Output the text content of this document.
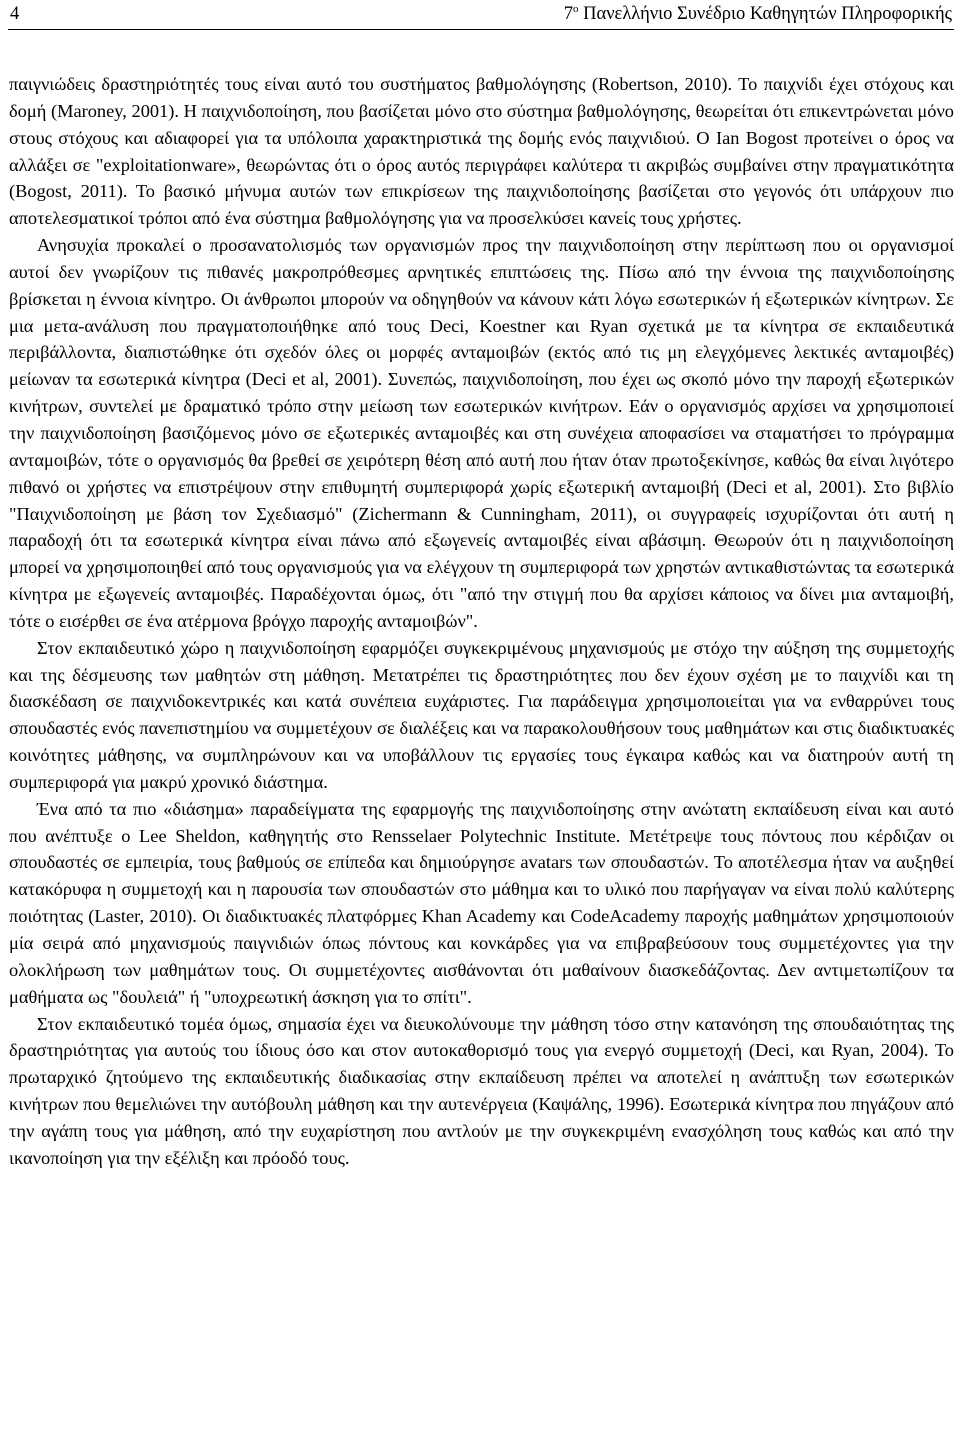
4	$7^o$ Πανελλήνιο Συνέδριο Καθηγητών Πληροφορικής

παιγνιώδεις δραστηριότητές τους είναι αυτό του συστήματος βαθμολόγησης (Robertson, 2010). Το παιχνίδι έχει στόχους και δομή (Maroney, 2001). Η παιχνιδοποίηση, που βασίζεται μόνο στο σύστημα βαθμολόγησης, θεωρείται ότι επικεντρώνεται μόνο στους στόχους και αδιαφορεί για τα υπόλοιπα χαρακτηριστικά της δομής ενός παιχνιδιού. Ο Ian Bogost προτείνει ο όρος να αλλάξει σε "exploitationware», θεωρώντας ότι ο όρος αυτός περιγράφει καλύτερα τι ακριβώς συμβαίνει στην πραγματικότητα (Bogost, 2011). Το βασικό μήνυμα αυτών των επικρίσεων της παιχνιδοποίησης βασίζεται στο γεγονός ότι υπάρχουν πιο αποτελεσματικοί τρόποι από ένα σύστημα βαθμολόγησης για να προσελκύσει κανείς τους χρήστες.

Ανησυχία προκαλεί ο προσανατολισμός των οργανισμών προς την παιχνιδοποίηση στην περίπτωση που οι οργανισμοί αυτοί δεν γνωρίζουν τις πιθανές μακροπρόθεσμες αρνητικές επιπτώσεις της. Πίσω από την έννοια της παιχνιδοποίησης βρίσκεται η έννοια κίνητρο. Οι άνθρωποι μπορούν να οδηγηθούν να κάνουν κάτι λόγω εσωτερικών ή εξωτερικών κίνητρων. Σε μια μετα-ανάλυση που πραγματοποιήθηκε από τους Deci, Koestner και Ryan σχετικά με τα κίνητρα σε εκπαιδευτικά περιβάλλοντα, διαπιστώθηκε ότι σχεδόν όλες οι μορφές ανταμοιβών (εκτός από τις μη ελεγχόμενες λεκτικές ανταμοιβές) μείωναν τα εσωτερικά κίνητρα (Deci et al, 2001). Συνεπώς, παιχνιδοποίηση, που έχει ως σκοπό μόνο την παροχή εξωτερικών κινήτρων, συντελεί με δραματικό τρόπο στην μείωση των εσωτερικών κινήτρων. Εάν ο οργανισμός αρχίσει να χρησιμοποιεί την παιχνιδοποίηση βασιζόμενος μόνο σε εξωτερικές ανταμοιβές και στη συνέχεια αποφασίσει να σταματήσει το πρόγραμμα ανταμοιβών, τότε ο οργανισμός θα βρεθεί σε χειρότερη θέση από αυτή που ήταν όταν πρωτοξεκίνησε, καθώς θα είναι λιγότερο πιθανό οι χρήστες να επιστρέψουν στην επιθυμητή συμπεριφορά χωρίς εξωτερική ανταμοιβή (Deci et al, 2001). Στο βιβλίο "Παιχνιδοποίηση με βάση τον Σχεδιασμό" (Zichermann & Cunningham, 2011), οι συγγραφείς ισχυρίζονται ότι αυτή η παραδοχή ότι τα εσωτερικά κίνητρα είναι πάνω από εξωγενείς ανταμοιβές είναι αβάσιμη. Θεωρούν ότι η παιχνιδοποίηση μπορεί να χρησιμοποιηθεί από τους οργανισμούς για να ελέγχουν τη συμπεριφορά των χρηστών αντικαθιστώντας τα εσωτερικά κίνητρα με εξωγενείς ανταμοιβές. Παραδέχονται όμως, ότι "από την στιγμή που θα αρχίσει κάποιος να δίνει μια ανταμοιβή, τότε ο εισέρθει σε ένα ατέρμονα βρόγχο παροχής ανταμοιβών".

Στον εκπαιδευτικό χώρο η παιχνιδοποίηση εφαρμόζει συγκεκριμένους μηχανισμούς με στόχο την αύξηση της συμμετοχής και της δέσμευσης των μαθητών στη μάθηση. Μετατρέπει τις δραστηριότητες που δεν έχουν σχέση με το παιχνίδι και τη διασκέδαση σε παιχνιδοκεντρικές και κατά συνέπεια ευχάριστες. Για παράδειγμα χρησιμοποιείται για να ενθαρρύνει τους σπουδαστές ενός πανεπιστημίου να συμμετέχουν σε διαλέξεις και να παρακολουθήσουν τους μαθημάτων και στις διαδικτυακές κοινότητες μάθησης, να συμπληρώνουν και να υποβάλλουν τις εργασίες τους έγκαιρα καθώς και να διατηρούν αυτή τη συμπεριφορά για μακρύ χρονικό διάστημα.

Ένα από τα πιο «διάσημα» παραδείγματα της εφαρμογής της παιχνιδοποίησης στην ανώτατη εκπαίδευση είναι και αυτό που ανέπτυξε ο Lee Sheldon, καθηγητής στο Rensselaer Polytechnic Institute. Μετέτρεψε τους πόντους που κέρδιζαν οι σπουδαστές σε εμπειρία, τους βαθμούς σε επίπεδα και δημιούργησε avatars των σπουδαστών. Το αποτέλεσμα ήταν να αυξηθεί κατακόρυφα η συμμετοχή και η παρουσία των σπουδαστών στο μάθημα και το υλικό που παρήγαγαν να είναι πολύ καλύτερης ποιότητας (Laster, 2010). Οι διαδικτυακές πλατφόρμες Khan Academy και CodeAcademy παροχής μαθημάτων χρησιμοποιούν μία σειρά από μηχανισμούς παιγνιδιών όπως πόντους και κονκάρδες για να επιβραβεύσουν τους συμμετέχοντες για την ολοκλήρωση των μαθημάτων τους. Οι συμμετέχοντες αισθάνονται ότι μαθαίνουν διασκεδάζοντας. Δεν αντιμετωπίζουν τα μαθήματα ως "δουλειά" ή "υποχρεωτική άσκηση για το σπίτι".

Στον εκπαιδευτικό τομέα όμως, σημασία έχει να διευκολύνουμε την μάθηση τόσο στην κατανόηση της σπουδαιότητας της δραστηριότητας για αυτούς του ίδιους όσο και στον αυτοκαθορισμό τους για ενεργό συμμετοχή (Deci, και Ryan, 2004). Το πρωταρχικό ζητούμενο της εκπαιδευτικής διαδικασίας στην εκπαίδευση πρέπει να αποτελεί η ανάπτυξη των εσωτερικών κινήτρων που θεμελιώνει την αυτόβουλη μάθηση και την αυτενέργεια (Καψάλης, 1996). Εσωτερικά κίνητρα που πηγάζουν από την αγάπη τους για μάθηση, από την ευχαρίστηση που αντλούν με την συγκεκριμένη ενασχόληση τους καθώς και από την ικανοποίηση για την εξέλιξη και πρόοδό τους.
